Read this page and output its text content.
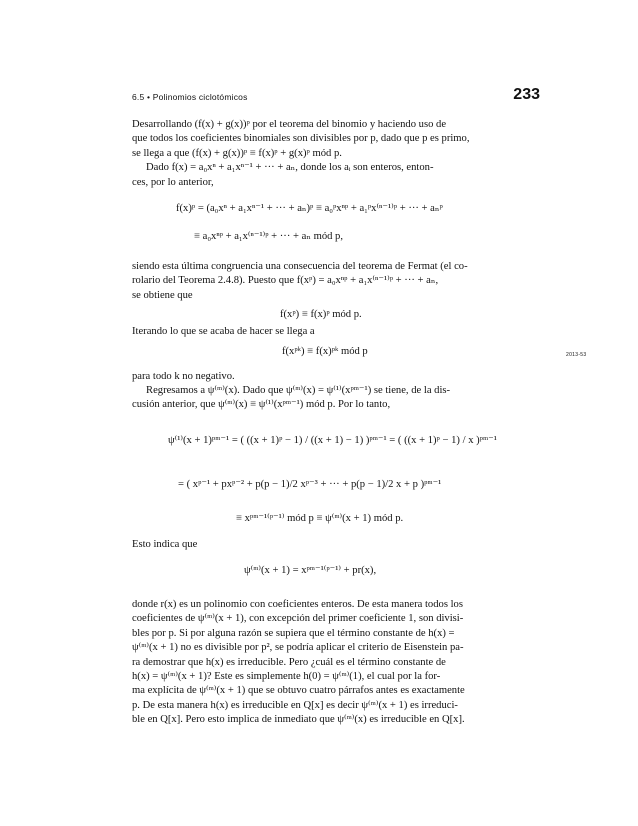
6.5 • Polinomios ciclotómicos	233
Desarrollando (f(x) + g(x))ᵖ por el teorema del binomio y haciendo uso de
que todos los coeficientes binomiales son divisibles por p, dado que p es primo,
se llega a que (f(x) + g(x))ᵖ ≡ f(x)ᵖ + g(x)ᵖ mód p.
Dado f(x) = a₀xⁿ + a₁xⁿ⁻¹ + ··· + aₙ, donde los aᵢ son enteros, enton-
ces, por lo anterior,
f(x)ᵖ = (a₀xⁿ + a₁xⁿ⁻¹ + ··· + aₙ)ᵖ ≡ a₀ᵖxⁿᵖ + a₁ᵖx⁽ⁿ⁻¹⁾ᵖ + ··· + aₙᵖ
≡ a₀xⁿᵖ + a₁x⁽ⁿ⁻¹⁾ᵖ + ··· + aₙ mód p,
siendo esta última congruencia una consecuencia del teorema de Fermat (el co-
rolario del Teorema 2.4.8). Puesto que f(xᵖ) = a₀xⁿᵖ + a₁x⁽ⁿ⁻¹⁾ᵖ + ··· + aₙ,
se obtiene que
f(xᵖ) ≡ f(x)ᵖ mód p.
Iterando lo que se acaba de hacer se llega a
f(xᵖᵏ) ≡ f(x)ᵖᵏ mód p
para todo k no negativo.
Regresamos a ψ⁽ᵐ⁾(x). Dado que ψ⁽ᵐ⁾(x) = ψ⁽¹⁾(xᵖᵐ⁻¹) se tiene, de la dis-
cusión anterior, que ψ⁽ᵐ⁾(x) ≡ ψ⁽¹⁾(xᵖᵐ⁻¹) mód p. Por lo tanto,
2013-53
ψ⁽¹⁾(x + 1)ᵖᵐ⁻¹ = ( ((x + 1)ᵖ − 1) / ((x + 1) − 1) )ᵖᵐ⁻¹ = ( ((x + 1)ᵖ − 1) / x )ᵖᵐ⁻¹
= ( xᵖ⁻¹ + pxᵖ⁻² + p(p − 1)/2 xᵖ⁻³ + ··· + p(p − 1)/2 x + p )ᵖᵐ⁻¹
≡ xᵖᵐ⁻¹⁽ᵖ⁻¹⁾ mód p ≡ ψ⁽ᵐ⁾(x + 1) mód p.
Esto indica que
ψ⁽ᵐ⁾(x + 1) = xᵖᵐ⁻¹⁽ᵖ⁻¹⁾ + pr(x),
donde r(x) es un polinomio con coeficientes enteros. De esta manera todos los
coeficientes de ψ⁽ᵐ⁾(x + 1), con excepción del primer coeficiente 1, son divisi-
bles por p. Si por alguna razón se supiera que el término constante de h(x) =
ψ⁽ᵐ⁾(x + 1) no es divisible por p², se podría aplicar el criterio de Eisenstein pa-
ra demostrar que h(x) es irreducible. Pero ¿cuál es el término constante de
h(x) = ψ⁽ᵐ⁾(x + 1)? Este es simplemente h(0) = ψ⁽ᵐ⁾(1), el cual por la for-
ma explícita de ψ⁽ᵐ⁾(x + 1) que se obtuvo cuatro párrafos antes es exactamente
p. De esta manera h(x) es irreducible en Q[x] es decir ψ⁽ᵐ⁾(x + 1) es irreduci-
ble en Q[x]. Pero esto implica de inmediato que ψ⁽ᵐ⁾(x) es irreducible en Q[x].
